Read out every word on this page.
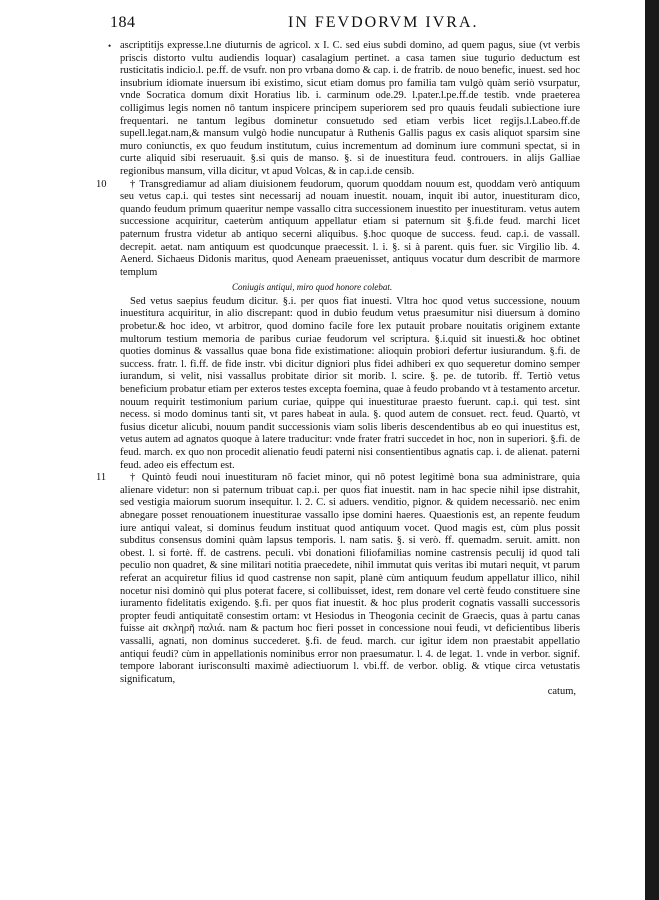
184	IN FEVDORVM IVRA.

• ascriptitijs expresse.l.ne diuturnis de agricol. x I. C. sed eius subdi domino, ad quem pagus, siue (vt verbis priscis distorto vultu audiendis loquar) casalagium pertinet. a casa tamen siue tugurio deductum est rusticitatis indicio.l. pe.ff. de vsufr. non pro vrbana domo & cap. i. de fratrib. de nouo benefic, inuest. sed hoc insubrium idiomate inuersum ibi existimo, sicut etiam domus pro familia tam vulgò quàm seriò vsurpatur, vnde Socratica domum dixit Horatius lib. i. carminum ode.29. l.pater.l.pe.ff.de testib. vnde praeterea colligimus legis nomen nō tantum inspicere principem superiorem sed pro quauis feudali subiectione iure frequentari. ne tantum legibus dominetur consuetudo sed etiam verbis licet regijs.l.Labeo.ff.de supell.legat.nam,& mansum vulgò hodie nuncupatur à Ruthenis Gallis pagus ex casis aliquot sparsim sine muro coniunctis, ex quo feudum institutum, cuius incrementum ad dominum iure communi spectat, si in curte aliquid sibi reseruauit. §.si quis de manso. §. si de inuestitura feud. controuers. in alijs Galliae regionibus mansum, villa dicitur, vt apud Volcas, & in cap.i.de censib.

10 † Transgrediamur ad aliam diuisionem feudorum, quorum quoddam nouum est, quoddam verò antiquum seu vetus cap.i. qui testes sint necessarij ad nouam inuestit. nouam, inquit ibi autor, inuestituram dico, quando feudum primum quaeritur nempe vassallo citra successionem inuestito per inuestituram. vetus autem successione acquiritur, caeterùm antiquum appellatur etiam si paternum sit §.fi.de feud. marchi licet paternum frustra videtur ab antiquo secerni aliquibus. §.hoc quoque de success. feud. cap.i. de vassall. decrepit. aetat. nam antiquum est quodcunque praecessit. l. i. §. si à parent. quis fuer. sic Virgilio lib. 4. Aenerd. Sichaeus Didonis maritus, quod Aeneam praeuenisset, antiquus vocatur dum describit de marmore templum

Coniugis antiqui, miro quod honore colebat.

Sed vetus saepius feudum dicitur. §.i. per quos fiat inuesti. Vltra hoc quod vetus successione, nouum inuestitura acquiritur, in alio discrepant: quod in dubio feudum vetus praesumitur nisi diuersum à domino probetur.& hoc ideo, vt arbitror, quod domino facile fore lex putauit probare nouitatis originem extante multorum testium memoria de paribus curiae feudorum vel scriptura. §.i.quid sit inuesti.& hoc obtinet quoties dominus & vassallus quae bona fide existimatione: alioquin probiori defertur iusiurandum. §.fi. de success. fratr. l. fi.ff. de fide instr. vbi dicitur digniori plus fidei adhiberi ex quo sequeretur domino semper iurandum, si velit, nisi vassallus probitate dirior sit morib. l. scire. §. pe. de tutorib. ff. Tertiò vetus beneficium probatur etiam per exteros testes excepta foemina, quae à feudo probando vt à testamento arcetur. nouum requirit testimonium parium curiae, quippe qui inuestiturae praesto fuerunt. cap.i. qui test. sint necess. si modo dominus tanti sit, vt pares habeat in aula. §. quod autem de consuet. rect. feud. Quartò, vt fusius dicetur alicubi, nouum pandit successionis viam solis liberis descendentibus ab eo qui inuestitus est, vetus autem ad agnatos quoque à latere traducitur: vnde frater fratri succedet in hoc, non in superiori. §.fi. de feud. march. ex quo non procedit alienatio feudi paterni nisi consentientibus agnatis cap. i. de alienat. paterni feud. adeo eis effectum est.

11 † Quintò feudi noui inuestituram nō faciet minor, qui nō potest legitimè bona sua administrare, quia alienare videtur: non si paternum tribuat cap.i. per quos fiat inuestit. nam in hac specie nihil ipse distrahit, sed vestigia maiorum suorum insequitur. l. 2. C. si aduers. venditio, pignor. & quidem necessariò. nec enim abnegare posset renouationem inuestiturae vassallo ipse domini haeres. Quaestionis est, an repente feudum iure antiqui valeat, si dominus feudum instituat quod antiquum vocet. Quod magis est, cùm plus possit subditus consensus domini quàm lapsus temporis. l. nam satis. §. si verò. ff. quemadm. seruit. amitt. non obest. l. si fortè. ff. de castrens. peculi. vbi donationi filiofamilias nomine castrensis peculij id quod tali peculio non quadret, & sine militari notitia praecedete, nihil immutat quis veritas ibi mutari nequit, vt parum referat an acquiretur filius id quod castrense non sapit, planè cùm antiquum feudum appellatur illico, nihil nocetur nisi dominò qui plus poterat facere, si collibuisset, idest, rem donare vel certè feudo constituere sine iuramento fidelitatis exigendo. §.fi. per quos fiat inuestit. & hoc plus proderit cognatis vassalli successoris propter feudi antiquitatē consestim ortam: vt Hesiodus in Theogonia cecinit de Graecis, quas à partu canas fuisse ait σκληρῆ παλιά. nam & pactum hoc fieri posset in concessione noui feudi, vt deficientibus liberis vassalli, agnati, non dominus succederet. §.fi. de feud. march. cur igitur idem non praestabit appellatio antiqui feudi? cùm in appellationis nominibus error non praesumatur. l. 4. de legat. 1. vnde in verbor. signif. tempore laborant iurisconsulti maximè adiectiuorum l. vbi.ff. de verbor. oblig. & vtique circa vetustatis significatum,

catum,
